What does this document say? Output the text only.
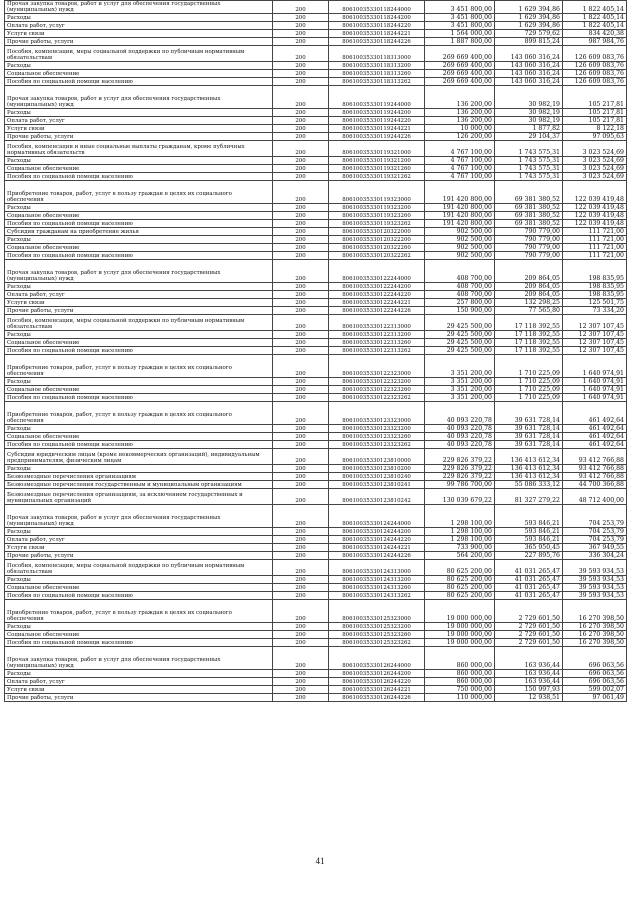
Прочая закупка товаров, работ и услуг для обеспечения государственных (муниципальных) нужд	200	80610035330118244000	3 451 800,00	1 629 394,86	1 822 405,14
Расходы	200	80610035330118244200	3 451 800,00	1 629 394,86	1 822 405,14
Оплата работ, услуг	200	80610035330118244220	3 451 800,00	1 629 394,86	1 822 405,14
Услуги связи	200	80610035330118244221	1 564 000,00	729 579,62	834 420,38
Прочие работы, услуги	200	80610035330118244226	1 887 800,00	899 815,24	987 984,76
Пособия, компенсации, меры социальной поддержки по публичным нормативным обязательствам	200	80610035330118313000	269 669 400,00	143 060 316,24	126 609 083,76
Расходы	200	80610035330118313200	269 669 400,00	143 060 316,24	126 609 083,76
Социальное обеспечение	200	80610035330118313260	269 669 400,00	143 060 316,24	126 609 083,76
Пособия по социальной помощи населению	200	80610035330118313262	269 669 400,00	143 060 316,24	126 609 083,76
Прочая закупка товаров, работ и услуг для обеспечения государственных (муниципальных) нужд	200	80610035330119244000	136 200,00	30 982,19	105 217,81
Расходы	200	80610035330119244200	136 200,00	30 982,19	105 217,81
Оплата работ, услуг	200	80610035330119244220	136 200,00	30 982,19	105 217,81
Услуги связи	200	80610035330119244221	10 000,00	1 877,82	8 122,18
Прочие работы, услуги	200	80610035330119244226	126 200,00	29 104,37	97 095,63
Пособия, компенсации и иные социальные выплаты гражданам, кроме публичных нормативных обязательств	200	80610035330119321000	4 767 100,00	1 743 575,31	3 023 524,69
Расходы	200	80610035330119321200	4 767 100,00	1 743 575,31	3 023 524,69
Социальное обеспечение	200	80610035330119321260	4 767 100,00	1 743 575,31	3 023 524,69
Пособия по социальной помощи населению	200	80610035330119321262	4 767 100,00	1 743 575,31	3 023 524,69
Приобретение товаров, работ, услуг в пользу граждан в целях их социального обеспечения	200	80610035330119323000	191 420 800,00	69 381 380,52	122 039 419,48
Расходы	200	80610035330119323200	191 420 800,00	69 381 380,52	122 039 419,48
Социальное обеспечение	200	80610035330119323260	191 420 800,00	69 381 380,52	122 039 419,48
Пособия по социальной помощи населению	200	80610035330119323262	191 420 800,00	69 381 380,52	122 039 419,48
Субсидии гражданам на приобретение жилья	200	80610035330120322000	902 500,00	790 779,00	111 721,00
Расходы	200	80610035330120322200	902 500,00	790 779,00	111 721,00
Социальное обеспечение	200	80610035330120322260	902 500,00	790 779,00	111 721,00
Пособия по социальной помощи населению	200	80610035330120322262	902 500,00	790 779,00	111 721,00
Прочая закупка товаров, работ и услуг для обеспечения государственных (муниципальных) нужд	200	80610035330122244000	408 700,00	209 864,05	198 835,95
Расходы	200	80610035330122244200	408 700,00	209 864,05	198 835,95
Оплата работ, услуг	200	80610035330122244220	408 700,00	209 864,05	198 835,95
Услуги связи	200	80610035330122244221	257 800,00	132 298,25	125 501,75
Прочие работы, услуги	200	80610035330122244226	150 900,00	77 565,80	73 334,20
Пособия, компенсации, меры социальной поддержки по публичным нормативным обязательствам	200	80610035330122313000	29 425 500,00	17 118 392,55	12 307 107,45
Расходы	200	80610035330122313200	29 425 500,00	17 118 392,55	12 307 107,45
Социальное обеспечение	200	80610035330122313260	29 425 500,00	17 118 392,55	12 307 107,45
Пособия по социальной помощи населению	200	80610035330122313262	29 425 500,00	17 118 392,55	12 307 107,45
Приобретение товаров, работ, услуг в пользу граждан в целях их социального обеспечения	200	80610035330122323000	3 351 200,00	1 710 225,09	1 640 974,91
Расходы	200	80610035330122323200	3 351 200,00	1 710 225,09	1 640 974,91
Социальное обеспечение	200	80610035330122323260	3 351 200,00	1 710 225,09	1 640 974,91
Пособия по социальной помощи населению	200	80610035330122323262	3 351 200,00	1 710 225,09	1 640 974,91
Приобретение товаров, работ, услуг в пользу граждан в целях их социального обеспечения	200	80610035330123323000	40 093 220,78	39 631 728,14	461 492,64
Расходы	200	80610035330123323200	40 093 220,78	39 631 728,14	461 492,64
Социальное обеспечение	200	80610035330123323260	40 093 220,78	39 631 728,14	461 492,64
Пособия по социальной помощи населению	200	80610035330123323262	40 093 220,78	39 631 728,14	461 492,64
Субсидии юридическим лицам (кроме некоммерческих организаций), индивидуальным предпринимателям, физическим лицам	200	80610035330123810000	229 826 379,22	136 413 612,34	93 412 766,88
Расходы	200	80610035330123810200	229 826 379,22	136 413 612,34	93 412 766,88
Безвозмездные перечисления организациям	200	80610035330123810240	229 826 379,22	136 413 612,34	93 412 766,88
Безвозмездные перечисления государственным и муниципальным организациям	200	80610035330123810241	99 786 700,00	55 086 333,12	44 700 366,88
Безвозмездные перечисления организациям, за исключением государственных и муниципальных организаций	200	80610035330123810242	130 039 679,22	81 327 279,22	48 712 400,00
Прочая закупка товаров, работ и услуг для обеспечения государственных (муниципальных) нужд	200	80610035330124244000	1 298 100,00	593 846,21	704 253,79
Расходы	200	80610035330124244200	1 298 100,00	593 846,21	704 253,79
Оплата работ, услуг	200	80610035330124244220	1 298 100,00	593 846,21	704 253,79
Услуги связи	200	80610035330124244221	733 900,00	365 950,45	367 949,55
Прочие работы, услуги	200	80610035330124244226	564 200,00	227 895,76	336 304,24
Пособия, компенсации, меры социальной поддержки по публичным нормативным обязательствам	200	80610035330124313000	80 625 200,00	41 031 265,47	39 593 934,53
Расходы	200	80610035330124313200	80 625 200,00	41 031 265,47	39 593 934,53
Социальное обеспечение	200	80610035330124313260	80 625 200,00	41 031 265,47	39 593 934,53
Пособия по социальной помощи населению	200	80610035330124313262	80 625 200,00	41 031 265,47	39 593 934,53
Приобретение товаров, работ, услуг в пользу граждан в целях их социального обеспечения	200	80610035330125323000	19 000 000,00	2 729 601,50	16 270 398,50
Расходы	200	80610035330125323200	19 000 000,00	2 729 601,50	16 270 398,50
Социальное обеспечение	200	80610035330125323260	19 000 000,00	2 729 601,50	16 270 398,50
Пособия по социальной помощи населению	200	80610035330125323262	19 000 000,00	2 729 601,50	16 270 398,50
Прочая закупка товаров, работ и услуг для обеспечения государственных (муниципальных) нужд	200	80610035330126244000	860 000,00	163 936,44	696 063,56
Расходы	200	80610035330126244200	860 000,00	163 936,44	696 063,56
Оплата работ, услуг	200	80610035330126244220	860 000,00	163 936,44	696 063,56
Услуги связи	200	80610035330126244221	750 000,00	150 997,93	599 002,07
Прочие работы, услуги	200	80610035330126244226	110 000,00	12 938,51	97 061,49
41
